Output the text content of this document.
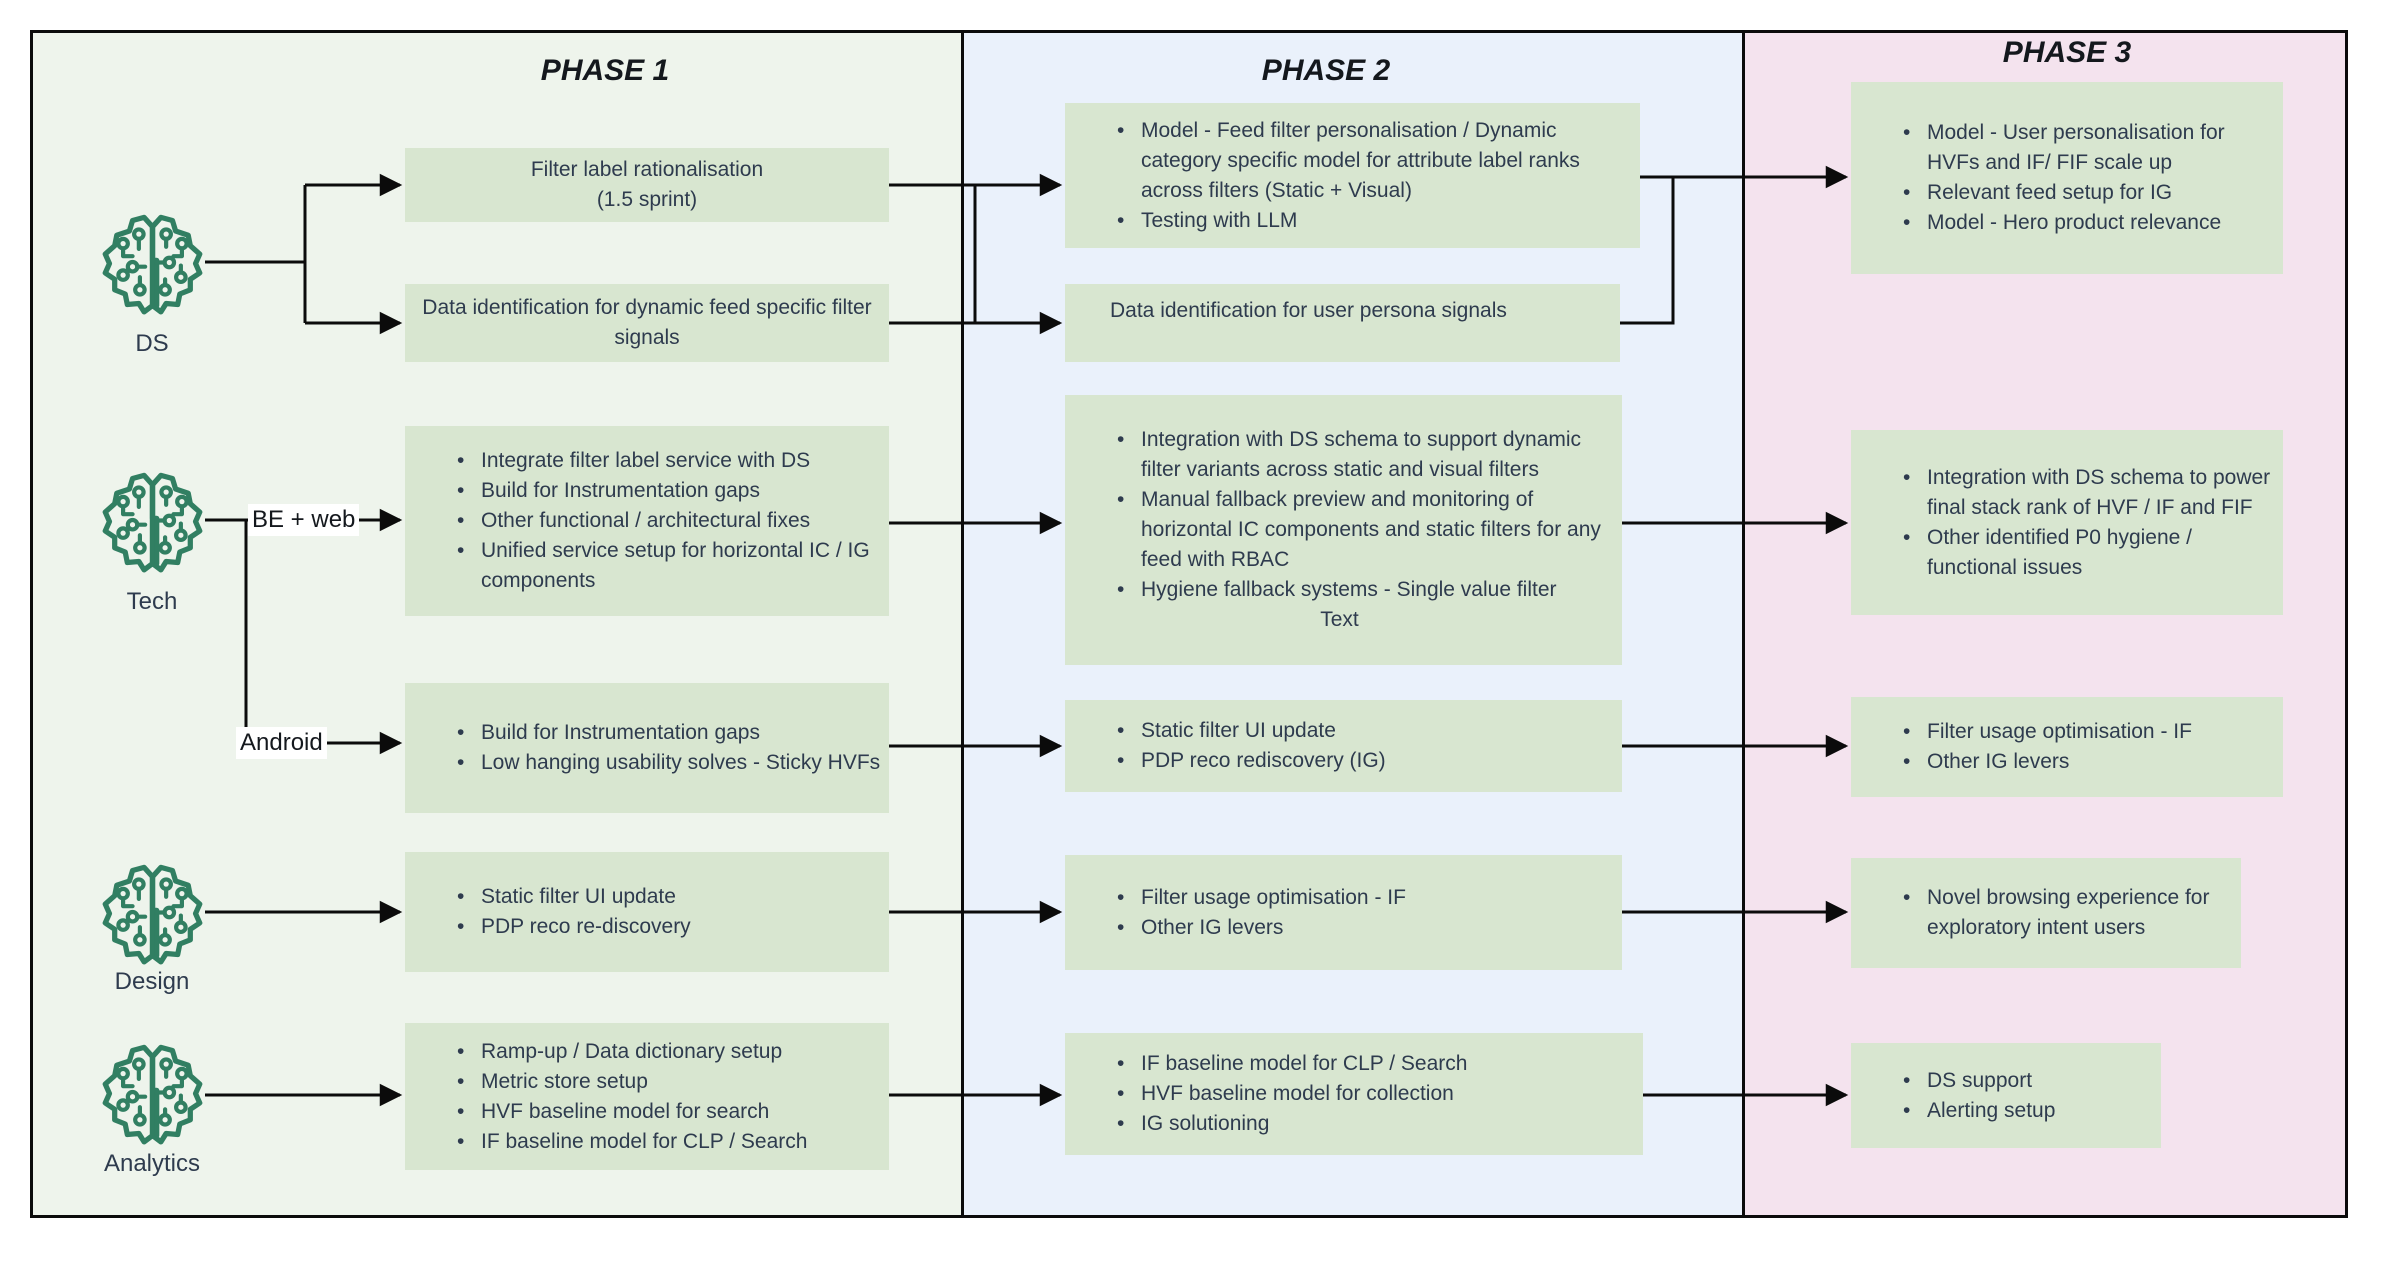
PHASE 1	PHASE 2
PHASE 3
DS
Tech
Design
Analytics
BE + web
Android
Filter label rationalisation
(1.5 sprint)
Data identification for dynamic feed specific filter signals
• Model - Feed filter personalisation / Dynamic category specific model for attribute label ranks across filters (Static + Visual)
• Testing with LLM
Data identification for user persona signals
• Model - User personalisation for HVFs and IF/ FIF scale up
• Relevant feed setup for IG
• Model - Hero product relevance
• Integrate filter label service with DS
• Build for Instrumentation gaps
• Other functional / architectural fixes
• Unified service setup for horizontal IC / IG components
• Integration with DS schema to support dynamic filter variants across static and visual filters
• Manual fallback preview and monitoring of horizontal IC components and static filters for any feed with RBAC
• Hygiene fallback systems - Single value filter
Text
• Integration with DS schema to power final stack rank of HVF / IF and FIF
• Other identified P0 hygiene / functional issues
• Build for Instrumentation gaps
• Low hanging usability solves - Sticky HVFs
• Static filter UI update
• PDP reco rediscovery (IG)
• Filter usage optimisation - IF
• Other IG levers
• Static filter UI update
• PDP reco re-discovery
• Filter usage optimisation - IF
• Other IG levers
• Novel browsing experience for exploratory intent users
• Ramp-up / Data dictionary setup
• Metric store setup
• HVF baseline model for search
• IF baseline model for CLP / Search
• IF baseline model for CLP / Search
• HVF baseline model for collection
• IG solutioning
• DS support
• Alerting setup
